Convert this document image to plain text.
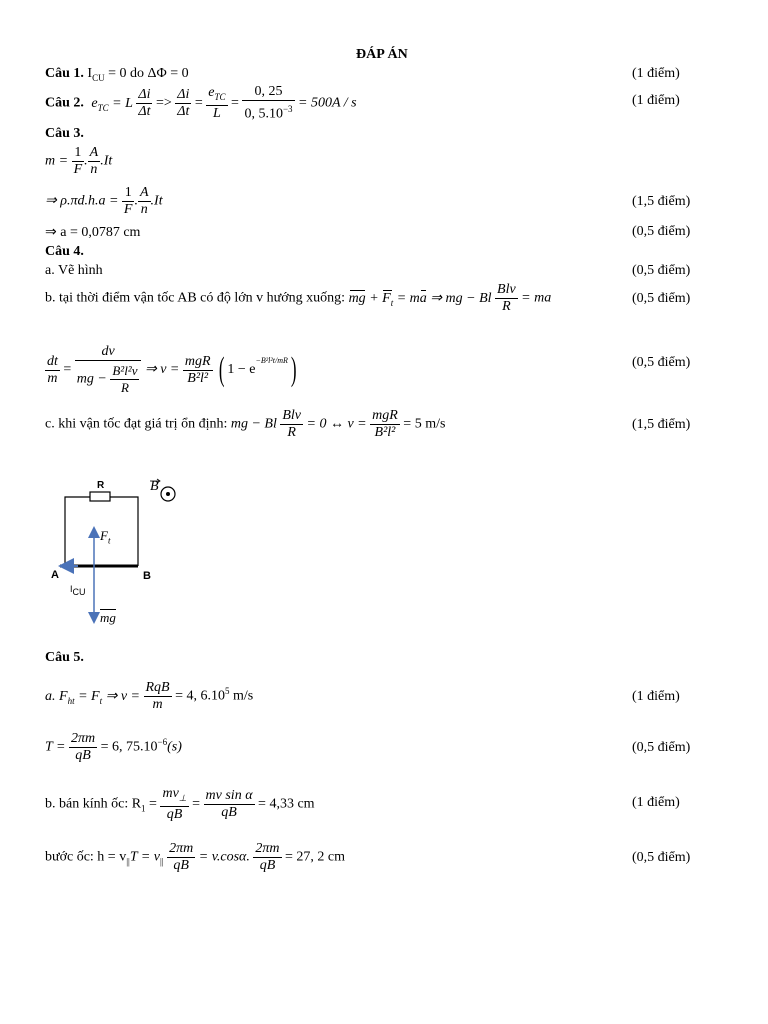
ĐÁP ÁN
Câu 1. $I_{CU} = 0$ do ΔΦ = 0	(1 điểm)
Câu 2. $e_{TC} = L \frac{\Delta i}{\Delta t} => \frac{\Delta i}{\Delta t} = \frac{e_{TC}}{L} = \frac{0, 25}{0, 5.10^{-3}} = 500A / s$	(1 điểm)
Câu 3.
$m = \frac{1}{F}$ . $\frac{A}{n} .It$
⇒ $\rho.\pi d.h.a = \frac{1}{F}$ . $\frac{A}{n} .It$	(1,5 điểm)
⇒ a = 0,0787 cm	(0,5 điểm)
Câu 4.
a. Vẽ hình	(0,5 điểm)
b. tại thời điểm vận tốc AB có độ lớn v hướng xuống: mg + $F_t$ = ma ⇒ mg − Bl $\frac{\text{Blv}}{R}$ = ma	(0,5 điểm)
$\frac{dt}{m} = \frac{dv}{mg - \frac{\text{B²l²v}}{R}}$ ⇒ $v = \frac{\text{mgR}}{\text{B²l²}}$ ( $1 - e^{-B^2l^2t/mR}$)	(0,5 điểm)
c. khi vận tốc đạt giá trị ổn định: mg − Bl $\frac{\text{Blv}}{R} = 0$ ↔ $v = \frac{\text{mgR}}{\text{B²l²}} = 5$ m/s	(1,5 điểm)
R	B
$F_t$
A	B
$I_{CU}$
mg
Câu 5.
a. $F_{ht} = F_t$ ⇒ $v = \frac{\text{RqB}}{m} = 4$, 6.10$^5$ m/s	(1 điểm)
$T = \frac{2\pi m}{qB} = 6$, $75.10^{-6}(s)$	(0,5 điểm)
b. bán kính ốc: $R_1 = \frac{mv_\perp}{qB} = \frac{\text{mv sin α}}{qB} = 4,33$ cm	(1 điểm)
bước ốc: $h = v_{||}T = v_{||} \frac{2\pi m}{qB} = v.\cos\alpha$. $\frac{2\pi m}{qB} = 27$, 2 cm	(0,5 điểm)
